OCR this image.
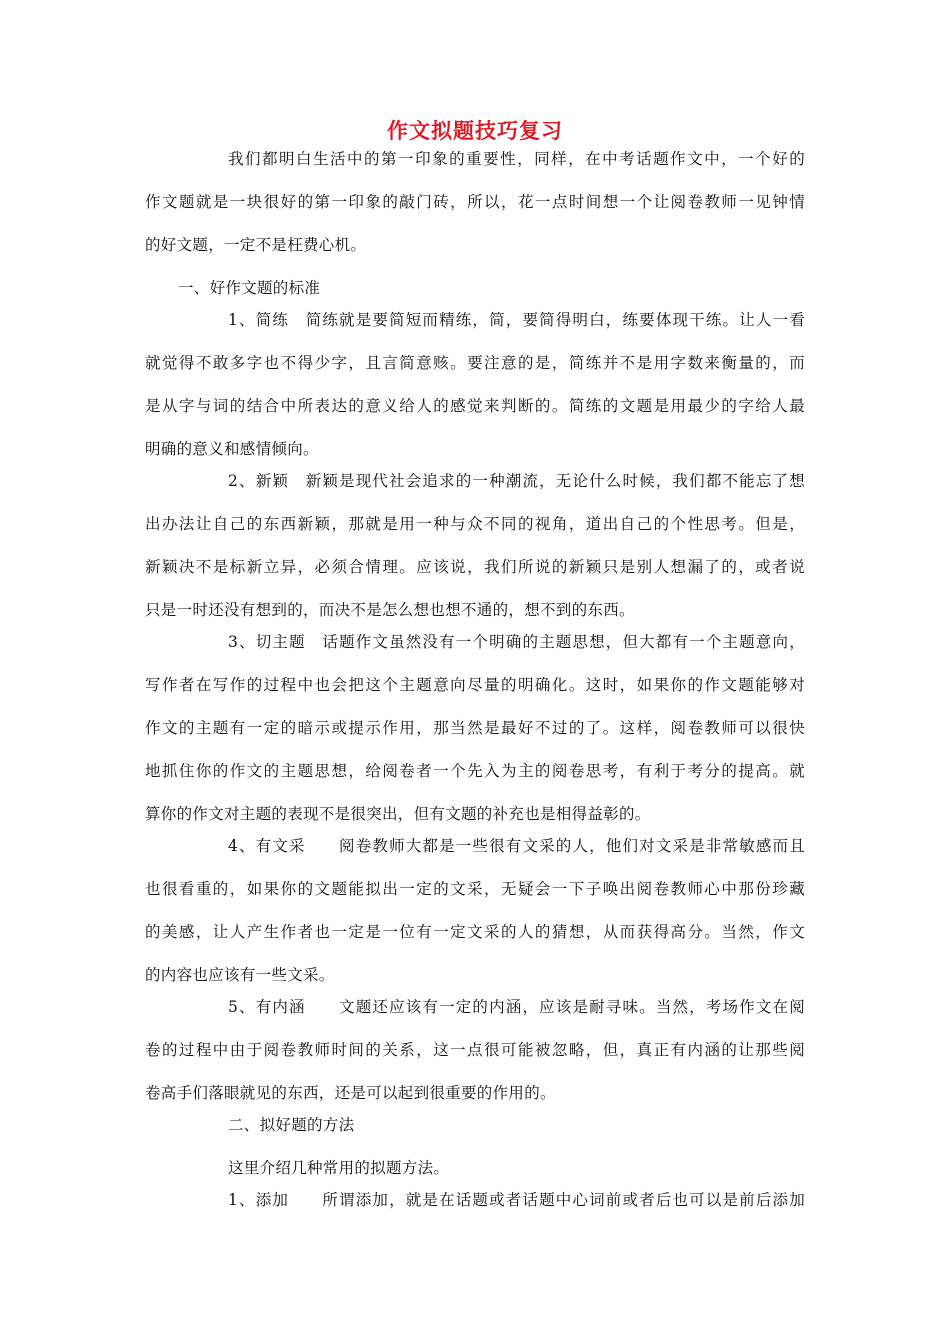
作文拟题技巧复习
我们都明白生活中的第一印象的重要性，同样，在中考话题作文中，一个好的
作文题就是一块很好的第一印象的敲门砖，所以，花一点时间想一个让阅卷教师一见钟情
的好文题，一定不是枉费心机。
一、好作文题的标准
1、简练　简练就是要简短而精练，简，要简得明白，练要体现干练。让人一看
就觉得不敢多字也不得少字，且言简意赅。要注意的是，简练并不是用字数来衡量的，而
是从字与词的结合中所表达的意义给人的感觉来判断的。简练的文题是用最少的字给人最
明确的意义和感情倾向。
2、新颖　新颖是现代社会追求的一种潮流，无论什么时候，我们都不能忘了想
出办法让自己的东西新颖，那就是用一种与众不同的视角，道出自己的个性思考。但是，
新颖决不是标新立异，必须合情理。应该说，我们所说的新颖只是别人想漏了的，或者说
只是一时还没有想到的，而决不是怎么想也想不通的，想不到的东西。
3、切主题　话题作文虽然没有一个明确的主题思想，但大都有一个主题意向，
写作者在写作的过程中也会把这个主题意向尽量的明确化。这时，如果你的作文题能够对
作文的主题有一定的暗示或提示作用，那当然是最好不过的了。这样，阅卷教师可以很快
地抓住你的作文的主题思想，给阅卷者一个先入为主的阅卷思考，有利于考分的提高。就
算你的作文对主题的表现不是很突出，但有文题的补充也是相得益彰的。
4、有文采　　阅卷教师大都是一些很有文采的人，他们对文采是非常敏感而且
也很看重的，如果你的文题能拟出一定的文采，无疑会一下子唤出阅卷教师心中那份珍藏
的美感，让人产生作者也一定是一位有一定文采的人的猜想，从而获得高分。当然，作文
的内容也应该有一些文采。
5、有内涵　　文题还应该有一定的内涵，应该是耐寻味。当然，考场作文在阅
卷的过程中由于阅卷教师时间的关系，这一点很可能被忽略，但，真正有内涵的让那些阅
卷高手们落眼就见的东西，还是可以起到很重要的作用的。
二、拟好题的方法
这里介绍几种常用的拟题方法。
1、添加　　所谓添加，就是在话题或者话题中心词前或者后也可以是前后添加
